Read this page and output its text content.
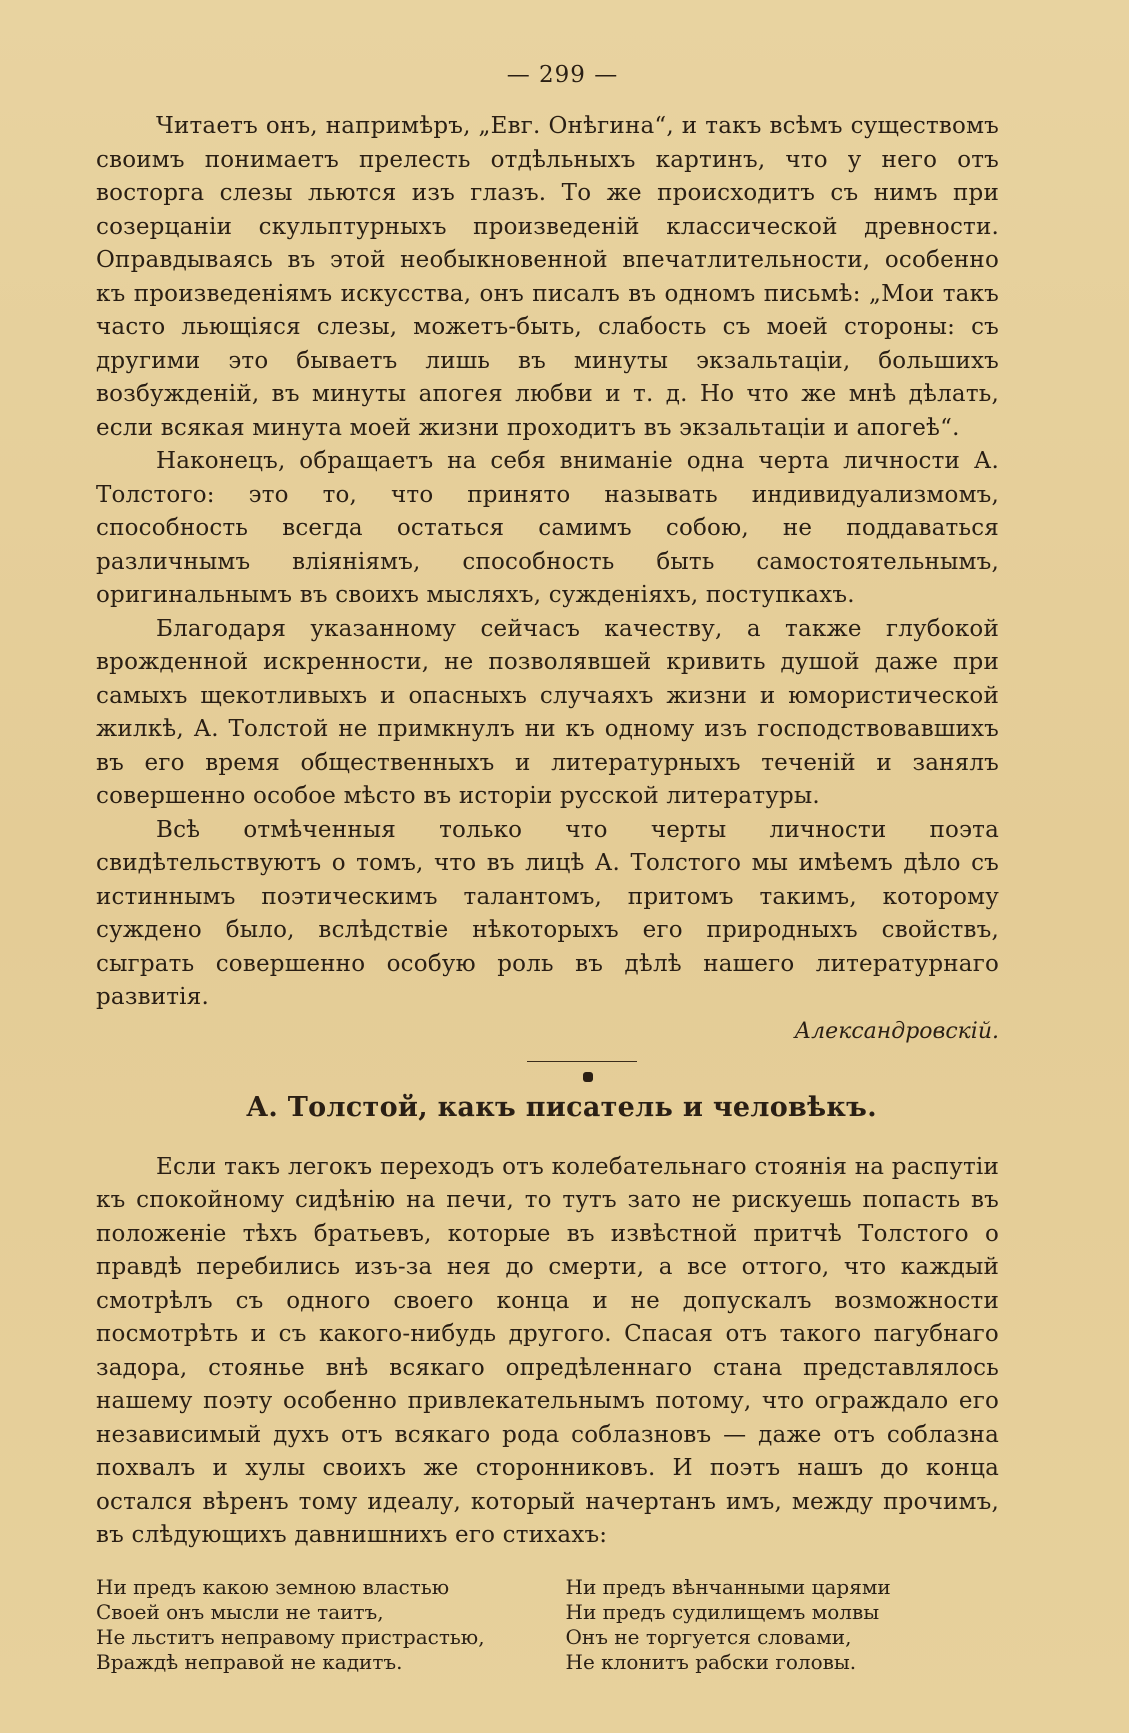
— 299 —

Читаетъ онъ, напримѣръ, „Евг. Онѣгина“, и такъ всѣмъ существомъ своимъ понимаетъ прелесть отдѣльныхъ картинъ, что у него отъ восторга слезы льются изъ глазъ. То же происходитъ съ нимъ при созерцанiи скульптурныхъ произведенiй классической древности. Оправдываясь въ этой необыкновенной впечатлительности, особенно къ произведенiямъ искусства, онъ писалъ въ одномъ письмѣ: „Мои такъ часто льющiяся слезы, можетъ-быть, слабость съ моей стороны: съ другими это бываетъ лишь въ минуты экзальтацiи, большихъ возбужденiй, въ минуты апогея любви и т. д. Но что же мнѣ дѣлать, если всякая минута моей жизни проходитъ въ экзальтацiи и апогеѣ“.

Наконецъ, обращаетъ на себя вниманiе одна черта личности А. Толстого: это то, что принято называть индивидуализмомъ, способность всегда остаться самимъ собою, не поддаваться различнымъ влiянiямъ, способность быть самостоятельнымъ, оригинальнымъ въ своихъ мысляхъ, сужденiяхъ, поступкахъ.

Благодаря указанному сейчасъ качеству, а также глубокой врожденной искренности, не позволявшей кривить душой даже при самыхъ щекотливыхъ и опасныхъ случаяхъ жизни и юмористической жилкѣ, А. Толстой не примкнулъ ни къ одному изъ господствовавшихъ въ его время общественныхъ и литературныхъ теченiй и занялъ совершенно особое мѣсто въ исторiи русской литературы.

Всѣ отмѣченныя только что черты личности поэта свидѣтельствуютъ о томъ, что въ лицѣ А. Толстого мы имѣемъ дѣло съ истиннымъ поэтическимъ талантомъ, притомъ такимъ, которому суждено было, вслѣдствiе нѣкоторыхъ его природныхъ свойствъ, сыграть совершенно особую роль въ дѣлѣ нашего литературнаго развитiя.

Александровскiй.

А. Толстой, какъ писатель и человѣкъ.

Если такъ легокъ переходъ отъ колебательнаго стоянiя на распутiи къ спокойному сидѣнiю на печи, то тутъ зато не рискуешь попасть въ положенiе тѣхъ братьевъ, которые въ извѣстной притчѣ Толстого о правдѣ перебились изъ-за нея до смерти, а все оттого, что каждый смотрѣлъ съ одного своего конца и не допускалъ возможности посмотрѣть и съ какого-нибудь другого. Спасая отъ такого пагубнаго задора, стоянье внѣ всякаго опредѣленнаго стана представлялось нашему поэту особенно привлекательнымъ потому, что ограждало его независимый духъ отъ всякаго рода соблазновъ — даже отъ соблазна похвалъ и хулы своихъ же сторонниковъ. И поэтъ нашъ до конца остался вѣренъ тому идеалу, который начертанъ имъ, между прочимъ, въ слѣдующихъ давнишнихъ его стихахъ:

Ни предъ какою земною властью
Своей онъ мысли не таитъ,
Не льститъ неправому пристрастью,
Враждѣ неправой не кадитъ.
Ни предъ вѣнчанными царями
Ни предъ судилищемъ молвы
Онъ не торгуется словами,
Не клонитъ рабски головы.
